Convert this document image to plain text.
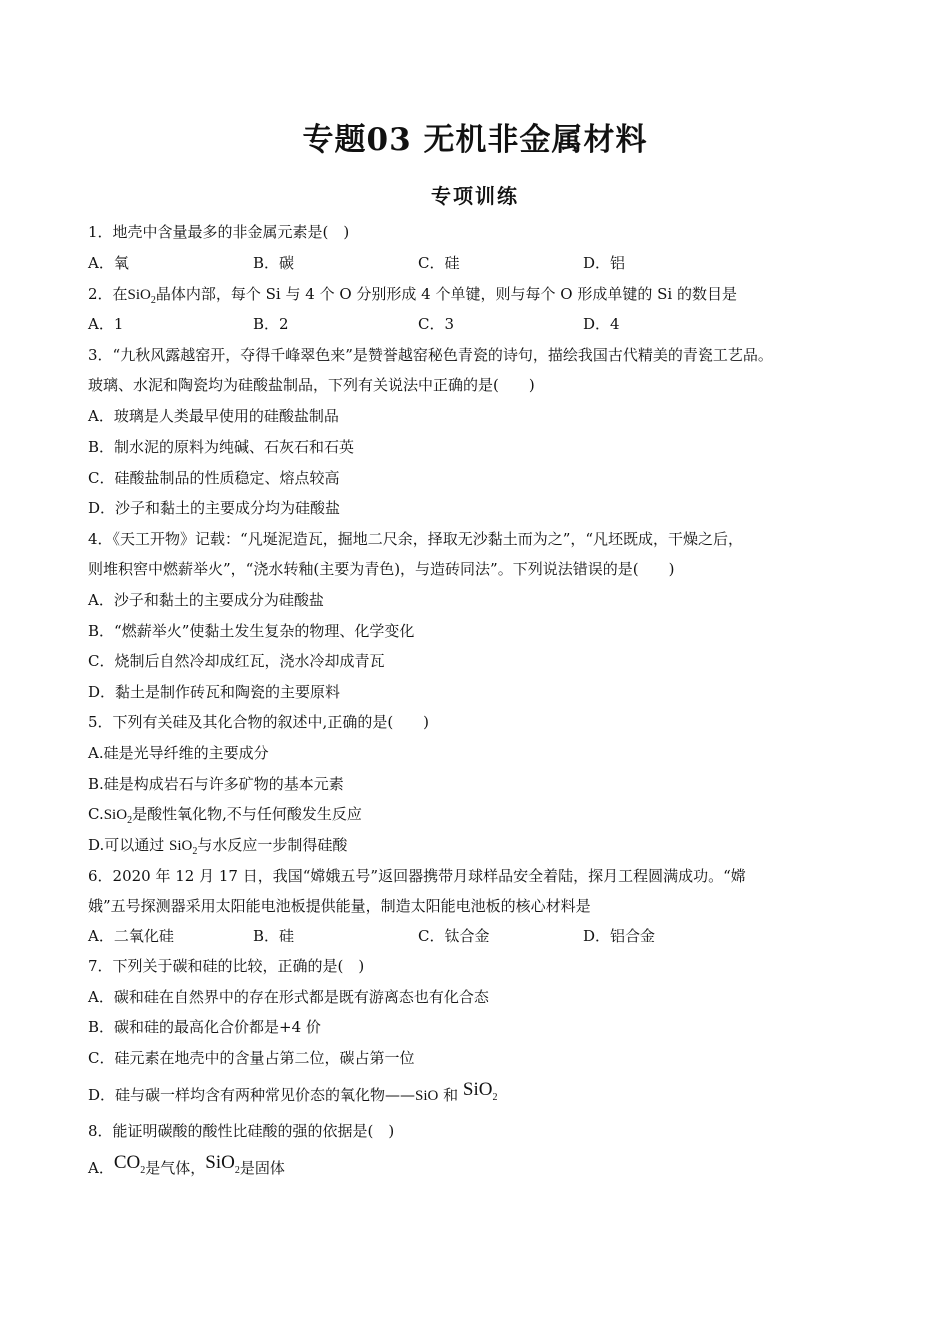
专题03 无机非金属材料
专项训练
1．地壳中含量最多的非金属元素是(　)
A．氧	B．碳	C．硅	D．铝
2．在SiO$_2$晶体内部，每个 Si 与 4 个 O 分别形成 4 个单键，则与每个 O 形成单键的 Si 的数目是
A．1	B．2	C．3	D．4
3．“九秋风露越窑开，夺得千峰翠色来”是赞誉越窑秘色青瓷的诗句，描绘我国古代精美的青瓷工艺品。
玻璃、水泥和陶瓷均为硅酸盐制品，下列有关说法中正确的是(　　)
A．玻璃是人类最早使用的硅酸盐制品
B．制水泥的原料为纯碱、石灰石和石英
C．硅酸盐制品的性质稳定、熔点较高
D．沙子和黏土的主要成分均为硅酸盐
4．《天工开物》记载：“凡埏泥造瓦，掘地二尺余，择取无沙黏土而为之”，“凡坯既成，干燥之后，
则堆积窖中燃薪举火”，“浇水转釉(主要为青色)，与造砖同法”。下列说法错误的是(　　)
A．沙子和黏土的主要成分为硅酸盐
B．“燃薪举火”使黏土发生复杂的物理、化学变化
C．烧制后自然冷却成红瓦，浇水冷却成青瓦
D．黏土是制作砖瓦和陶瓷的主要原料
5．下列有关硅及其化合物的叙述中,正确的是(　　)
A.硅是光导纤维的主要成分
B.硅是构成岩石与许多矿物的基本元素
C.SiO$_2$是酸性氧化物,不与任何酸发生反应
D.可以通过 SiO$_2$与水反应一步制得硅酸
6．2020 年 12 月 17 日，我国“嫦娥五号”返回器携带月球样品安全着陆，探月工程圆满成功。“嫦
娥”五号探测器采用太阳能电池板提供能量，制造太阳能电池板的核心材料是
A．二氧化硅	B．硅	C．钛合金	D．铝合金
7．下列关于碳和硅的比较，正确的是(　)
A．碳和硅在自然界中的存在形式都是既有游离态也有化合态
B．碳和硅的最高化合价都是+4 价
C．硅元素在地壳中的含量占第二位，碳占第一位
D．硅与碳一样均含有两种常见价态的氧化物——SiO 和 SiO$_2$
8．能证明碳酸的酸性比硅酸的强的依据是(　)
A．$CO_2$是气体，SiO$_2$是固体
